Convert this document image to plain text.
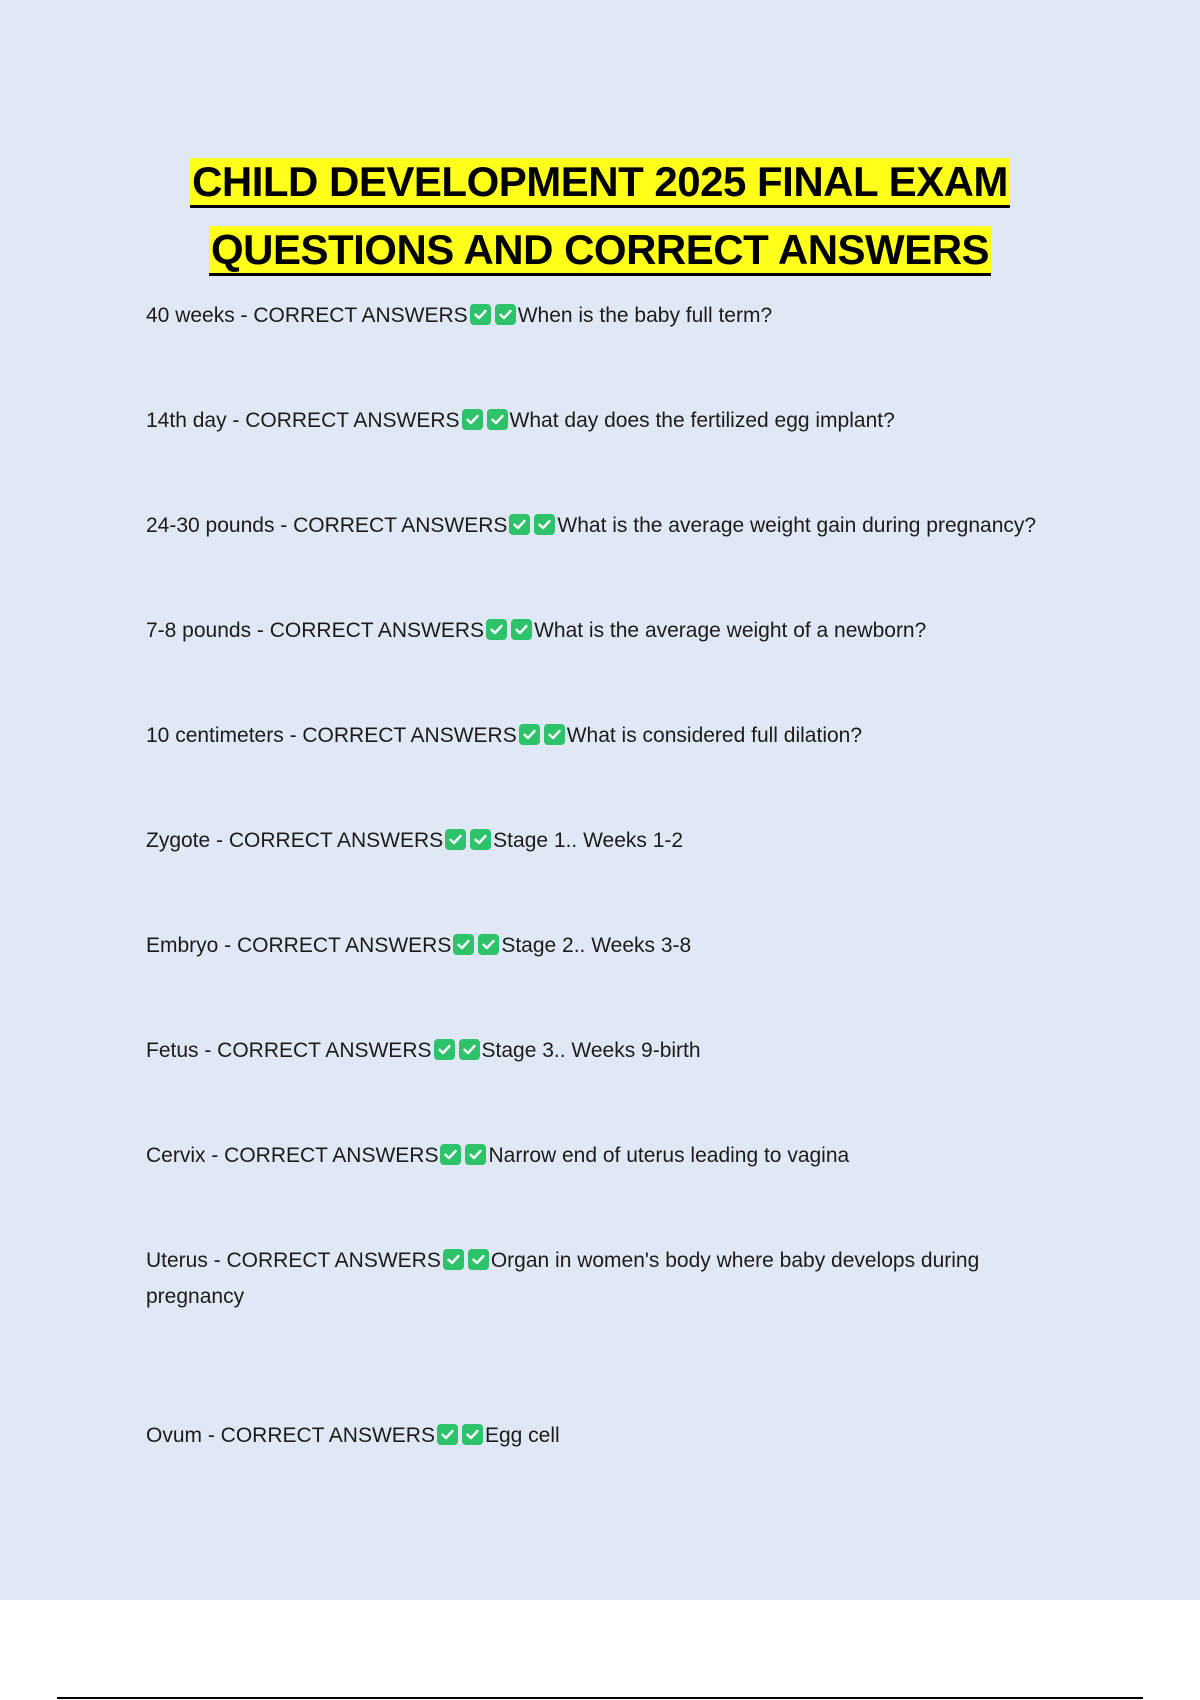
CHILD DEVELOPMENT 2025 FINAL EXAM
QUESTIONS AND CORRECT ANSWERS
40 weeks - CORRECT ANSWERS When is the baby full term?
14th day - CORRECT ANSWERS What day does the fertilized egg implant?
24-30 pounds - CORRECT ANSWERS What is the average weight gain during pregnancy?
7-8 pounds - CORRECT ANSWERS What is the average weight of a newborn?
10 centimeters - CORRECT ANSWERS What is considered full dilation?
Zygote - CORRECT ANSWERS Stage 1.. Weeks 1-2
Embryo - CORRECT ANSWERS Stage 2.. Weeks 3-8
Fetus - CORRECT ANSWERS Stage 3.. Weeks 9-birth
Cervix - CORRECT ANSWERS Narrow end of uterus leading to vagina
Uterus - CORRECT ANSWERS Organ in women's body where baby develops during pregnancy
Ovum - CORRECT ANSWERS Egg cell
